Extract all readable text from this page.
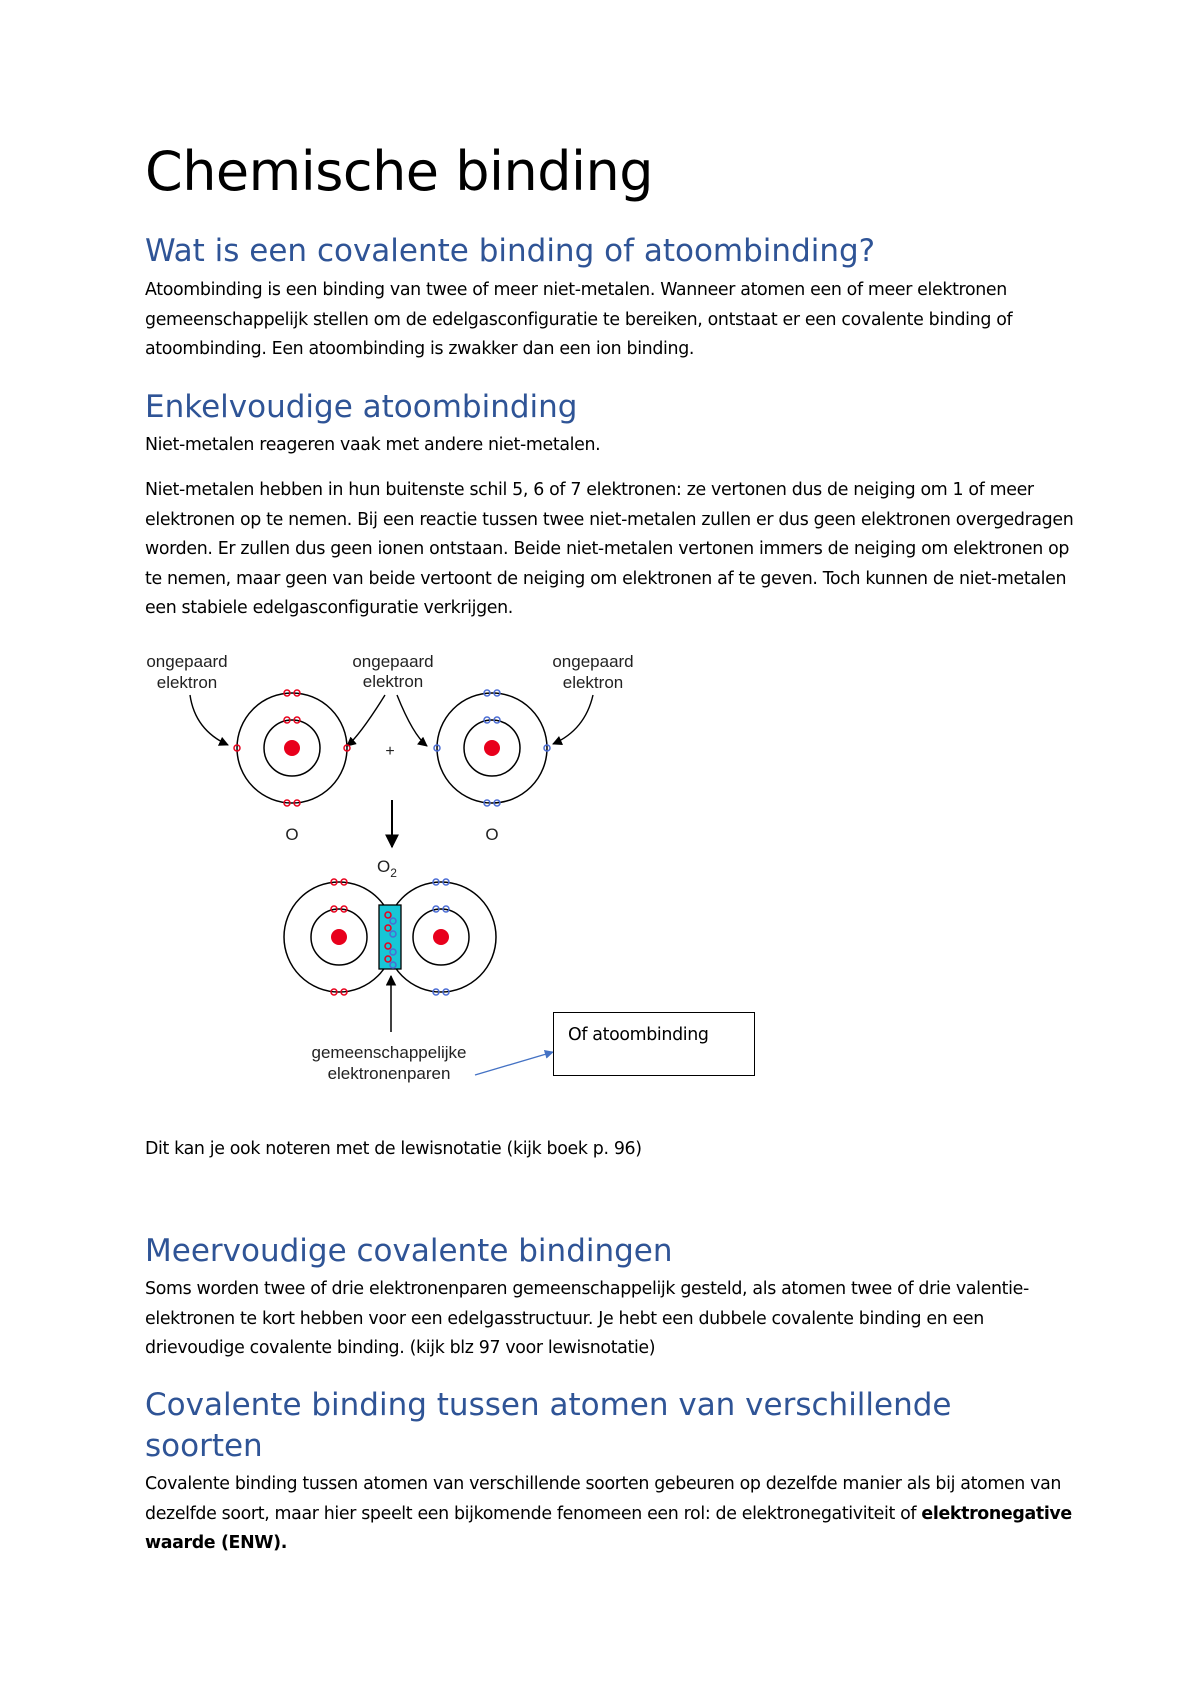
Chemische binding
Wat is een covalente binding of atoombinding?

Atoombinding is een binding van twee of meer niet-metalen. Wanneer atomen een of meer elektronen gemeenschappelijk stellen om de edelgasconfiguratie te bereiken, ontstaat er een covalente binding of atoombinding. Een atoombinding is zwakker dan een ion binding.

Enkelvoudige atoombinding

Niet-metalen reageren vaak met andere niet-metalen.

Niet-metalen hebben in hun buitenste schil 5, 6 of 7 elektronen: ze vertonen dus de neiging om 1 of meer elektronen op te nemen. Bij een reactie tussen twee niet-metalen zullen er dus geen elektronen overgedragen worden. Er zullen dus geen ionen ontstaan. Beide niet-metalen vertonen immers de neiging om elektronen op te nemen, maar geen van beide vertoont de neiging om elektronen af te geven. Toch kunnen de niet-metalen een stabiele edelgasconfiguratie verkrijgen.

ongepaard
elektron
ongepaard
elektron
ongepaard
elektron
O
+
O
$O_2$
gemeenschappelijke
elektronenparen
Of atoombinding

Dit kan je ook noteren met de lewisnotatie (kijk boek p. 96)

Meervoudige covalente bindingen

Soms worden twee of drie elektronenparen gemeenschappelijk gesteld, als atomen twee of drie valentie-elektronen te kort hebben voor een edelgasstructuur. Je hebt een dubbele covalente binding en een drievoudige covalente binding. (kijk blz 97 voor lewisnotatie)

Covalente binding tussen atomen van verschillende soorten

Covalente binding tussen atomen van verschillende soorten gebeuren op dezelfde manier als bij atomen van dezelfde soort, maar hier speelt een bijkomende fenomeen een rol: de elektronegativiteit of elektronegative waarde (ENW).
